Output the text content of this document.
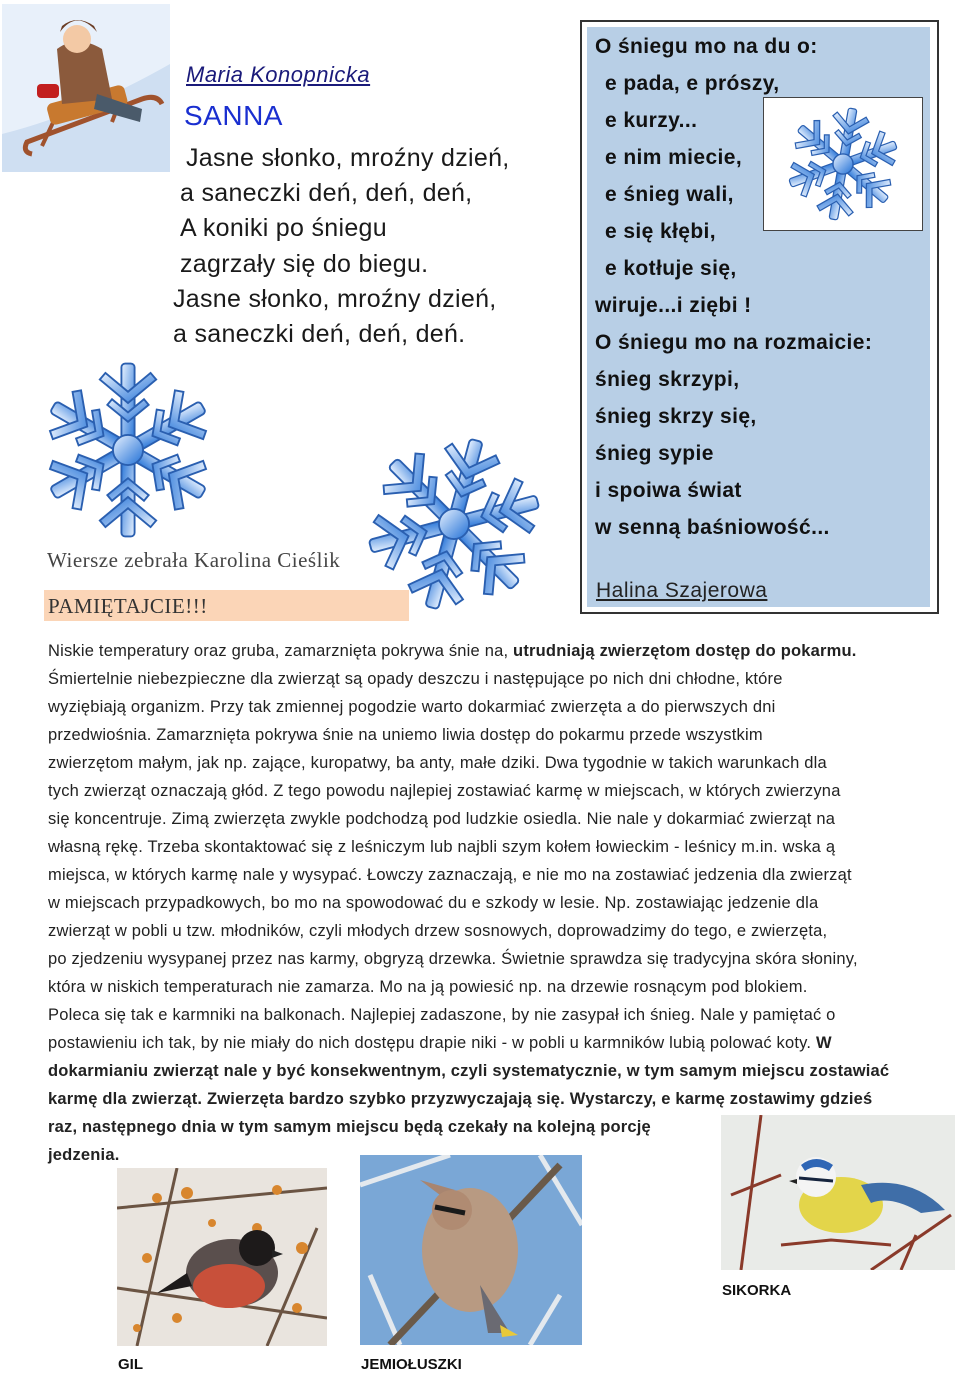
Maria Konopnicka
SANNA
Jasne słonko, mroźny dzień,
a saneczki deń, deń, deń,
A koniki po śniegu
zagrzały się do biegu.
Jasne słonko, mroźny dzień,
a saneczki deń, deń, deń.
Wiersze zebrała Karolina Cieślik
PAMIĘTAJCIE!!!
O śniegu mo na du o:
e pada, e prószy,
e kurzy...
e nim miecie,
e śnieg wali,
e się kłębi,
e kotłuje się,
wiruje...i ziębi !
O śniegu mo na rozmaicie:
śnieg skrzypi,
śnieg skrzy się,
śnieg sypie
i spoiwa świat
w senną baśniowość...
Halina Szajerowa
Niskie temperatury oraz gruba, zamarznięta pokrywa śnie na, utrudniają zwierzętom dostęp do pokarmu.
Śmiertelnie niebezpieczne dla zwierząt są opady deszczu i następujące po nich dni chłodne, które
wyziębiają organizm. Przy tak zmiennej pogodzie warto dokarmiać zwierzęta a do pierwszych dni
przedwiośnia. Zamarznięta pokrywa śnie na uniemo liwia dostęp do pokarmu przede wszystkim
zwierzętom małym, jak np. zające, kuropatwy, ba anty, małe dziki. Dwa tygodnie w takich warunkach dla
tych zwierząt oznaczają głód. Z tego powodu najlepiej zostawiać karmę w miejscach, w których zwierzyna
się koncentruje. Zimą zwierzęta zwykle podchodzą pod ludzkie osiedla. Nie nale y dokarmiać zwierząt na
własną rękę. Trzeba skontaktować się z leśniczym lub najbli szym kołem łowieckim - leśnicy m.in. wska ą
miejsca, w których karmę nale y wysypać. Łowczy zaznaczają, e nie mo na zostawiać jedzenia dla zwierząt
w miejscach przypadkowych, bo mo na spowodować du e szkody w lesie. Np. zostawiając jedzenie dla
zwierząt w pobli u tzw. młodników, czyli młodych drzew sosnowych, doprowadzimy do tego, e zwierzęta,
po zjedzeniu wysypanej przez nas karmy, obgryzą drzewka. Świetnie sprawdza się tradycyjna skóra słoniny,
która w niskich temperaturach nie zamarza. Mo na ją powiesić np. na drzewie rosnącym pod blokiem.
Poleca się tak e karmniki na balkonach. Najlepiej zadaszone, by nie zasypał ich śnieg. Nale y pamiętać o
postawieniu ich tak, by nie miały do nich dostępu drapie niki - w pobli u karmników lubią polować koty. W
dokarmianiu zwierząt nale y być konsekwentnym, czyli systematycznie, w tym samym miejscu zostawiać
karmę dla zwierząt. Zwierzęta bardzo szybko przyzwyczajają się. Wystarczy, e karmę zostawimy gdzieś
raz, następnego dnia w tym samym miejscu będą czekały na kolejną porcję
jedzenia.
GIL	JEMIOŁUSZKI
SIKORKA
